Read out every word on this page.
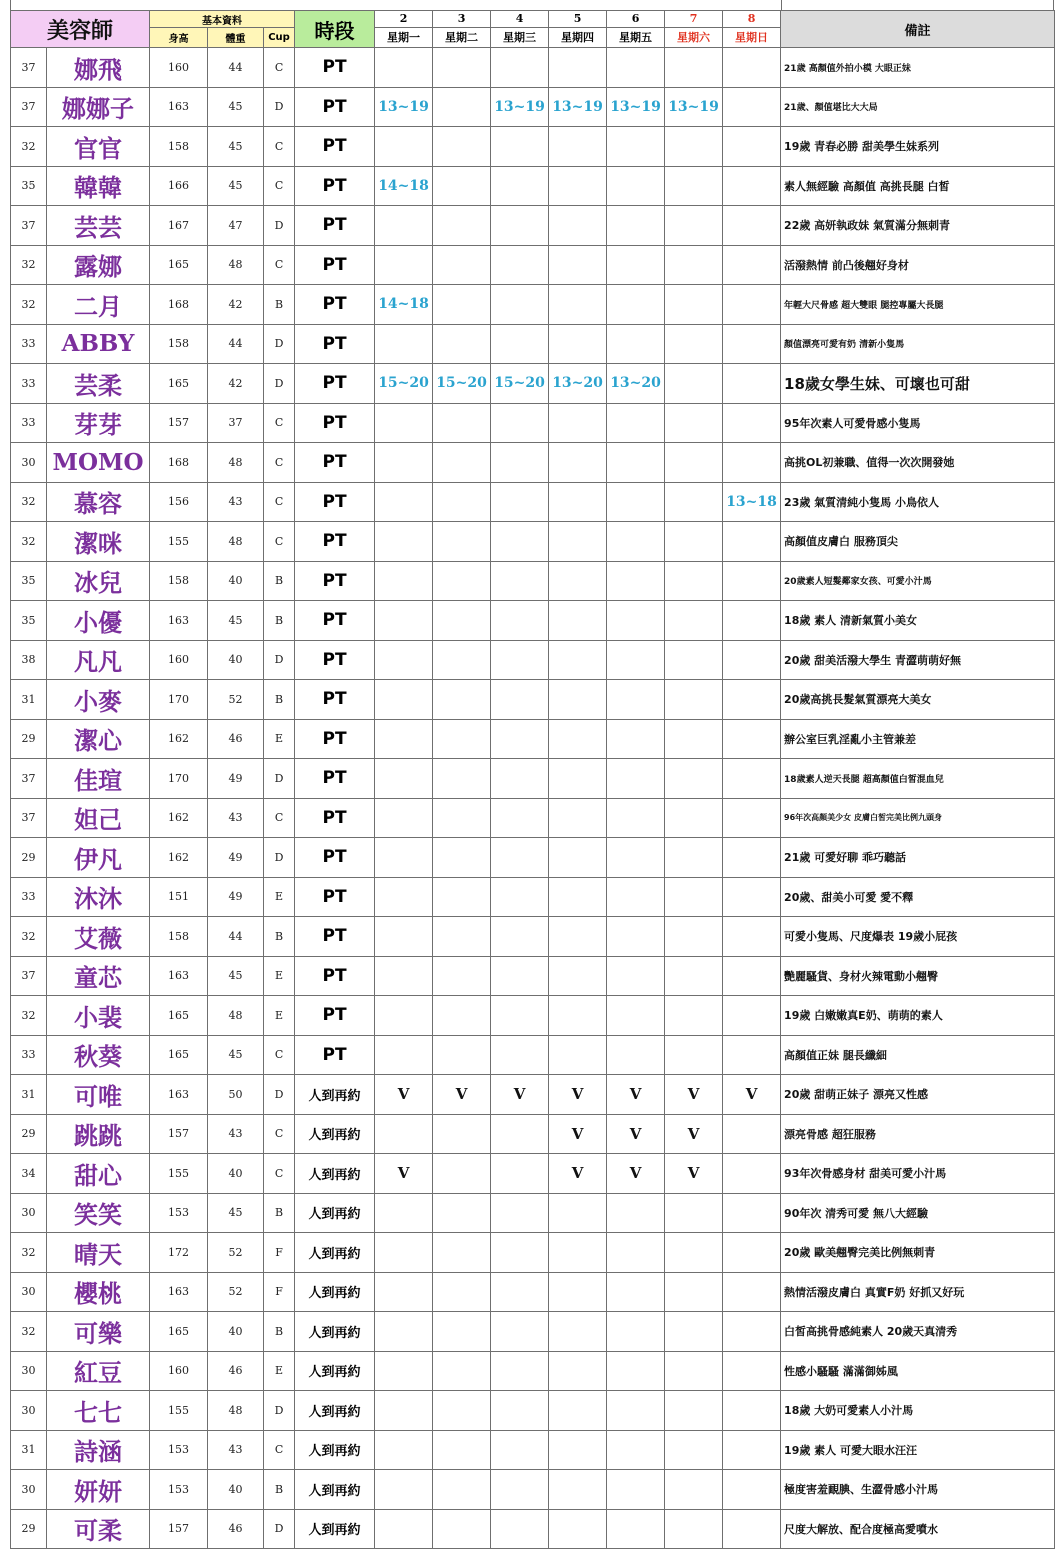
美容師		基本資料			時段	2	3	4	5	6	7	8	備註
		身高	體重	Cup		星期一	星期二	星期三	星期四	星期五	星期六	星期日	
37	娜飛	160	44	C	PT								21歲 高顏值外拍小模 大眼正妹
37	娜娜子	163	45	D	PT	13~19		13~19	13~19	13~19	13~19		21歲、顏值堪比大大局
32	官官	158	45	C	PT								19歲 青春必勝 甜美學生妹系列
35	韓韓	166	45	C	PT	14~18							素人無經驗 高顏值 高挑長腿 白皙
37	芸芸	167	47	D	PT								22歲 高妍執政妹 氣質滿分無刺青
32	露娜	165	48	C	PT								活潑熱情 前凸後翹好身材
32	二月	168	42	B	PT	14~18							年輕大尺骨感 超大雙眼 腿控專屬大長腿
33	ABBY	158	44	D	PT								顏值漂亮可愛有奶 清新小隻馬
33	芸柔	165	42	D	PT	15~20	15~20	15~20	13~20	13~20			18歲女學生妹、可壞也可甜
33	芽芽	157	37	C	PT								95年次素人可愛骨感小隻馬
30	MOMO	168	48	C	PT								高挑OL初兼職、值得一次次開發她
32	慕容	156	43	C	PT							13~18	23歲 氣質清純小隻馬 小鳥依人
32	潔咪	155	48	C	PT								高顏值皮膚白 服務頂尖
35	冰兒	158	40	B	PT								20歲素人短髮鄰家女孩、可愛小汁馬
35	小優	163	45	B	PT								18歲 素人 清新氣質小美女
38	凡凡	160	40	D	PT								20歲 甜美活潑大學生 青澀萌萌好無
31	小麥	170	52	B	PT								20歲高挑長髮氣質漂亮大美女
29	潔心	162	46	E	PT								辦公室巨乳淫亂小主管兼差
37	佳瑄	170	49	D	PT								18歲素人逆天長腿 超高顏值白皙混血兒
37	妲己	162	43	C	PT								96年次高顏美少女 皮膚白皙完美比例九頭身
29	伊凡	162	49	D	PT								21歲 可愛好聊 乖巧聽話
33	沐沐	151	49	E	PT								20歲、甜美小可愛 愛不釋
32	艾薇	158	44	B	PT								可愛小隻馬、尺度爆表 19歲小屁孩
37	童芯	163	45	E	PT								艷麗騷貨、身材火辣電動小翹臀
32	小裴	165	48	E	PT								19歲 白嫩嫩真E奶、萌萌的素人
33	秋葵	165	45	C	PT								高顏值正妹 腿長纖細
31	可唯	163	50	D	人到再約	V	V	V	V	V	V	V	20歲 甜萌正妹子 漂亮又性感
29	跳跳	157	43	C	人到再約				V	V	V		漂亮骨感 超狂服務
34	甜心	155	40	C	人到再約	V			V	V	V		93年次骨感身材 甜美可愛小汁馬
30	笑笑	153	45	B	人到再約								90年次 清秀可愛 無八大經驗
32	晴天	172	52	F	人到再約								20歲 歐美翹臀完美比例無刺青
30	櫻桃	163	52	F	人到再約								熱情活潑皮膚白 真實F奶 好抓又好玩
32	可樂	165	40	B	人到再約								白皙高挑骨感純素人 20歲天真清秀
30	紅豆	160	46	E	人到再約								性感小騷騷 滿滿御姊風
30	七七	155	48	D	人到再約								18歲 大奶可愛素人小汁馬
31	詩涵	153	43	C	人到再約								19歲 素人 可愛大眼水汪汪
30	妍妍	153	40	B	人到再約								極度害羞靦腆、生澀骨感小汁馬
29	可柔	157	46	D	人到再約								尺度大解放、配合度極高愛噴水
